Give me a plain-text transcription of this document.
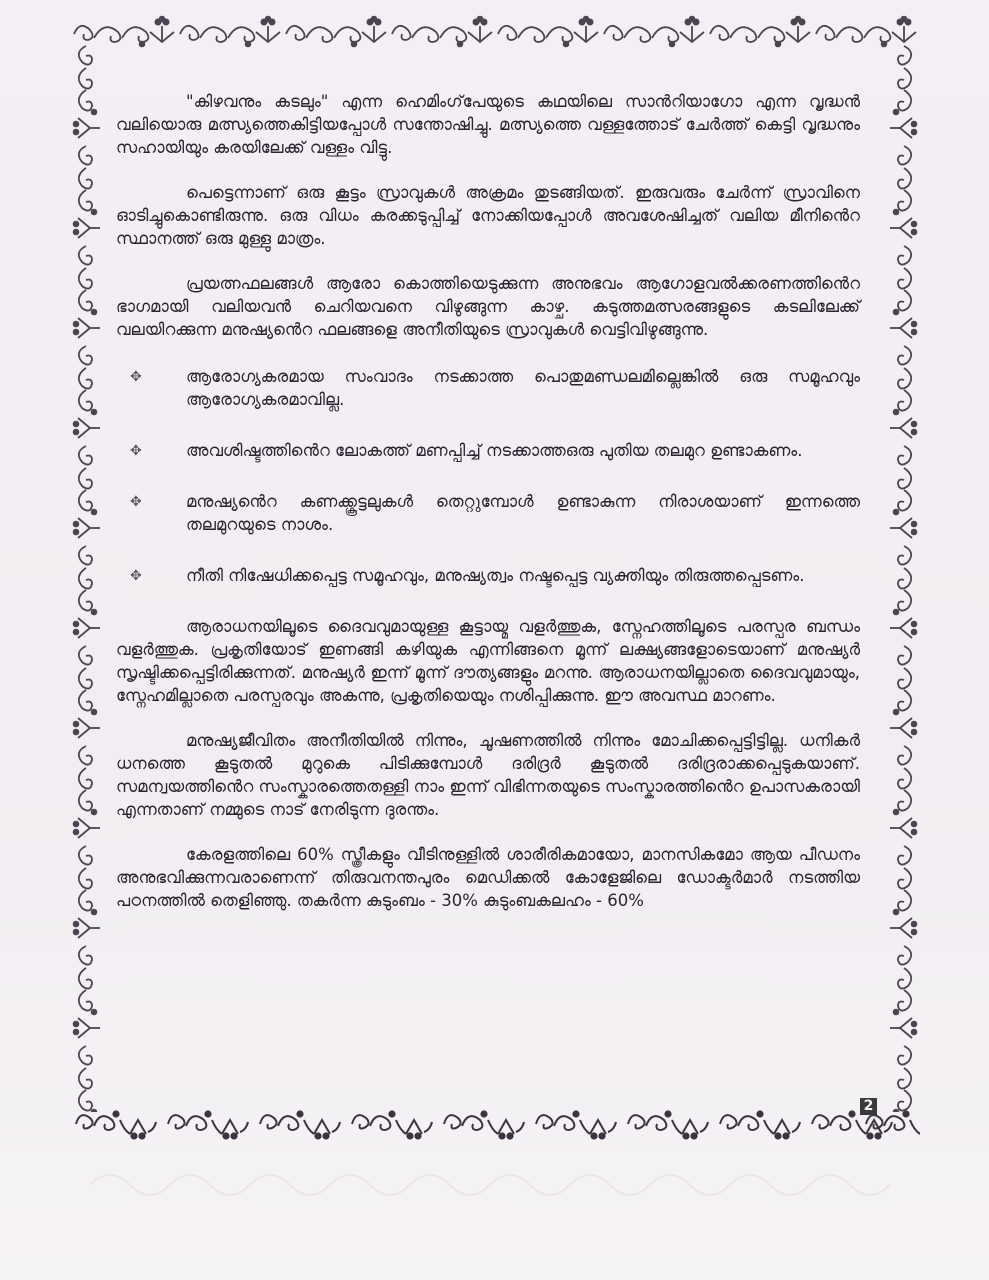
"കിഴവനും കടലും" എന്ന ഹെമിംഗ്‌പേയുടെ കഥയിലെ സാൻറിയാഗോ എന്ന വൃദ്ധൻ വലിയൊരു മത്സ്യത്തെകിട്ടിയപ്പോൾ സന്തോഷിച്ചു. മത്സ്യത്തെ വള്ളത്തോട് ചേർത്ത് കെട്ടി വൃദ്ധനും സഹായിയും കരയിലേക്ക് വള്ളം വിട്ടു.

പെട്ടെന്നാണ് ഒരു കൂട്ടം സ്രാവുകൾ അക്രമം തുടങ്ങിയത്. ഇരുവരും ചേർന്ന് സ്രാവിനെ ഓടിച്ചുകൊണ്ടിരുന്നു. ഒരു വിധം കരക്കടുപ്പിച്ച് നോക്കിയപ്പോൾ അവശേഷിച്ചത് വലിയ മീനിൻെറ സ്ഥാനത്ത് ഒരു മുള്ളു മാത്രം.

പ്രയത്നഫലങ്ങൾ ആരോ കൊത്തിയെടുക്കുന്ന അനുഭവം ആഗോളവൽക്കരണത്തിൻെറ ഭാഗമായി വലിയവൻ ചെറിയവനെ വിഴുങ്ങുന്ന കാഴ്ച. കടുത്തമത്സരങ്ങളുടെ കടലിലേക്ക് വലയിറക്കുന്ന മനുഷ്യൻെറ ഫലങ്ങളെ അനീതിയുടെ സ്രാവുകൾ വെട്ടിവിഴുങ്ങുന്നു.

✥	ആരോഗ്യകരമായ സംവാദം നടക്കാത്ത പൊതുമണ്ഡലമില്ലെങ്കിൽ ഒരു സമൂഹവും ആരോഗ്യകരമാവില്ല.
✥	അവശിഷ്ടത്തിൻെറ ലോകത്ത് മണപ്പിച്ച് നടക്കാത്തഒരു പുതിയ തലമുറ ഉണ്ടാകണം.
✥	മനുഷ്യൻെറ കണക്ക്കൂട്ടലുകൾ തെറ്റുമ്പോൾ ഉണ്ടാകുന്ന നിരാശയാണ് ഇന്നത്തെ തലമുറയുടെ നാശം.
✥	നീതി നിഷേധിക്കപ്പെട്ട സമൂഹവും, മനുഷ്യത്വം നഷ്ടപ്പെട്ട വ്യക്തിയും തിരുത്തപ്പെടണം.

ആരാധനയിലൂടെ ദൈവവുമായുള്ള കൂട്ടായ്മ വളർത്തുക, സ്നേഹത്തിലൂടെ പരസ്പര ബന്ധം വളർത്തുക. പ്രകൃതിയോട് ഇണങ്ങി കഴിയുക എന്നിങ്ങനെ മൂന്ന് ലക്ഷ്യങ്ങളോടെയാണ് മനുഷ്യർ സൃഷ്ടിക്കപ്പെട്ടിരിക്കുന്നത്. മനുഷ്യർ ഇന്ന് മൂന്ന് ദൗത്യങ്ങളും മറന്നു. ആരാധനയില്ലാതെ ദൈവവുമായും, സ്നേഹമില്ലാതെ പരസ്പരവും അകന്നു, പ്രകൃതിയെയും നശിപ്പിക്കുന്നു. ഈ അവസ്ഥ മാറണം.

മനുഷ്യജീവിതം അനീതിയിൽ നിന്നും, ചൂഷണത്തിൽ നിന്നും മോചിക്കപ്പെട്ടിട്ടില്ല. ധനികർ ധനത്തെ കൂടുതൽ മുറുകെ പിടിക്കുമ്പോൾ ദരിദ്രർ കൂടുതൽ ദരിദ്രരാക്കപ്പെടുകയാണ്. സമന്വയത്തിൻെറ സംസ്കാരത്തെതള്ളി നാം ഇന്ന് വിഭിന്നതയുടെ സംസ്കാരത്തിൻെറ ഉപാസകരായി എന്നതാണ് നമ്മുടെ നാട് നേരിടുന്ന ദുരന്തം.

കേരളത്തിലെ 60% സ്ത്രീകളും വീടിനുള്ളിൽ ശാരീരികമായോ, മാനസികമോ ആയ പീഡനം അനുഭവിക്കുന്നവരാണെന്ന് തിരുവനന്തപുരം മെഡിക്കൽ കോളേജിലെ ഡോക്ടർമാർ നടത്തിയ പഠനത്തിൽ തെളിഞ്ഞു. തകർന്ന കുടുംബം - 30% കുടുംബകലഹം - 60%

2
